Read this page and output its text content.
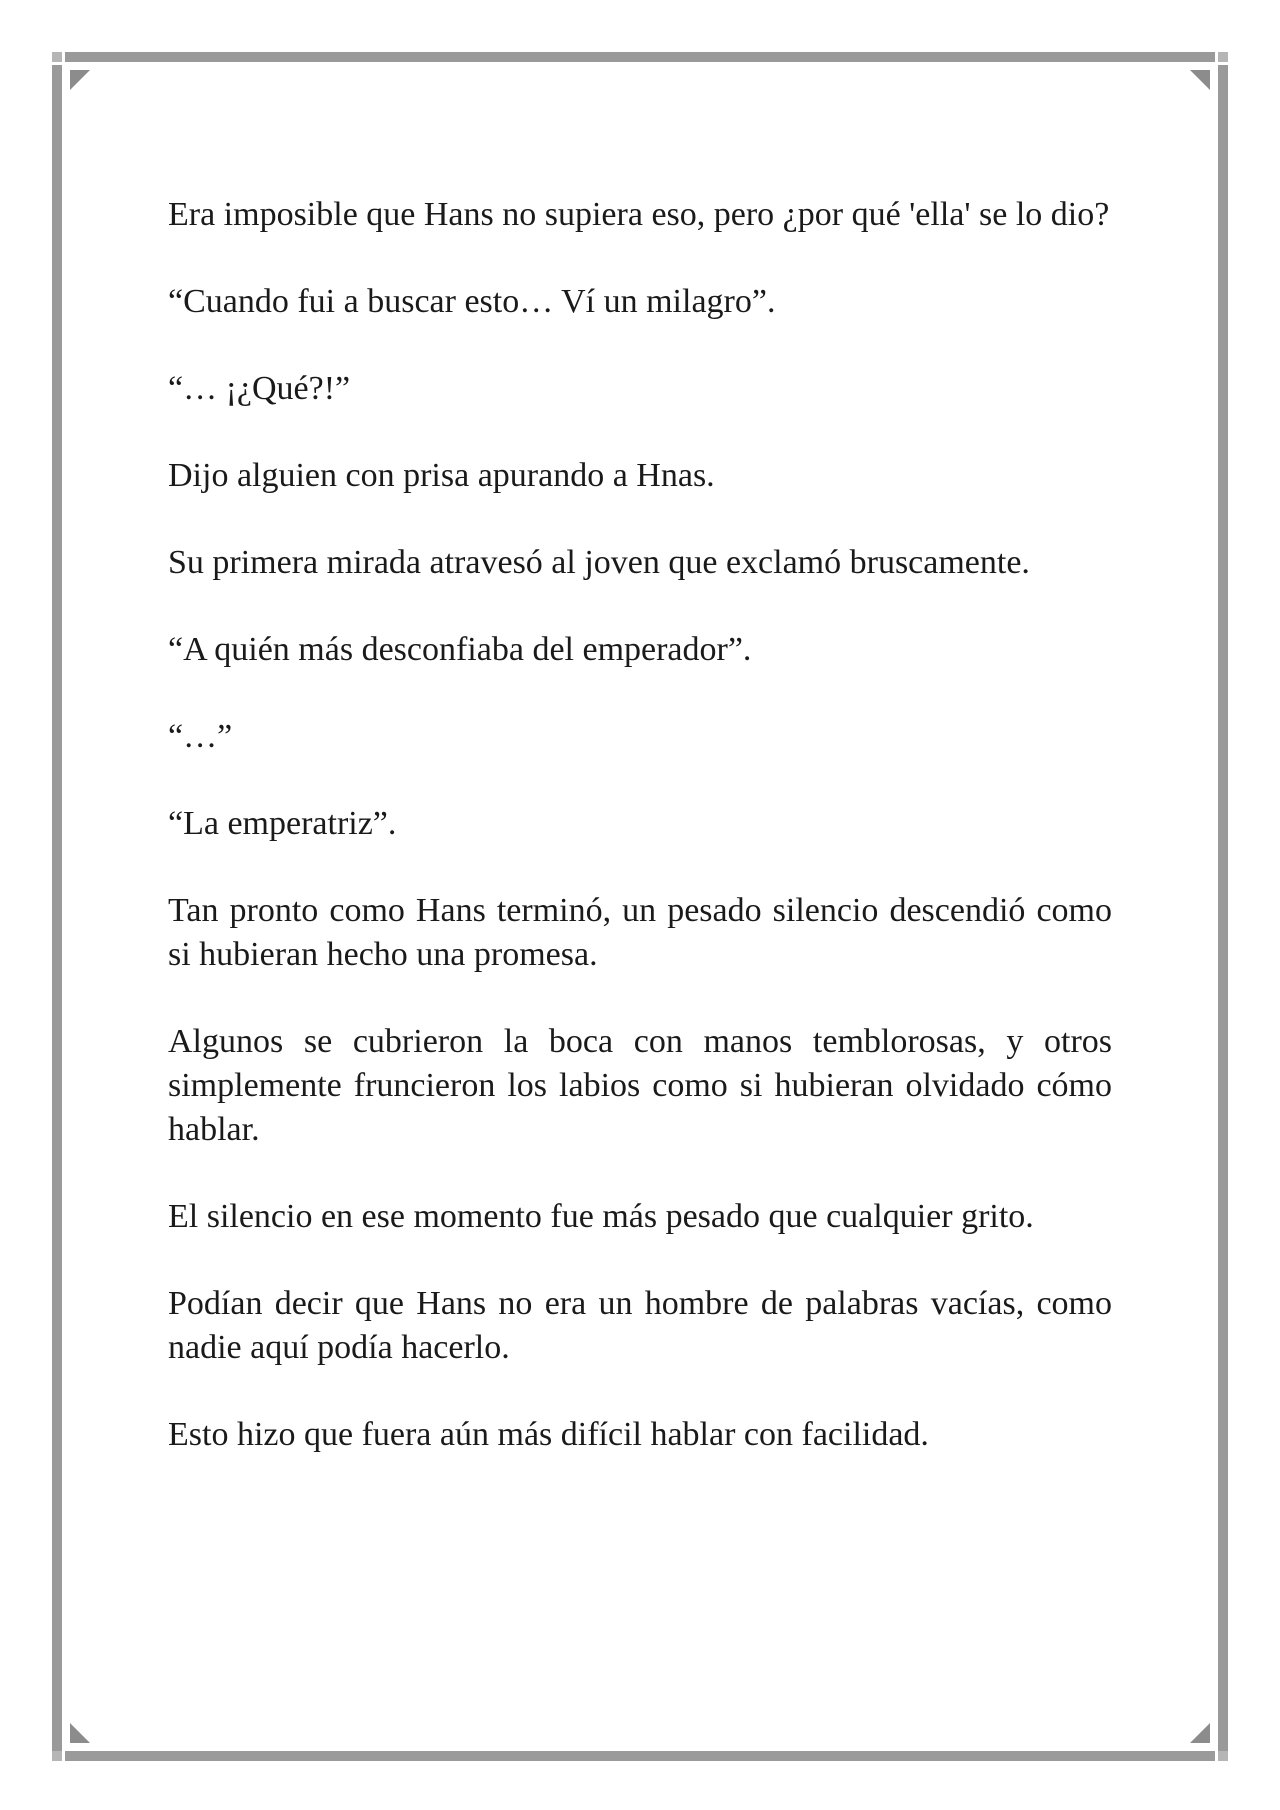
Era imposible que Hans no supiera eso, pero ¿por qué 'ella' se lo dio?

“Cuando fui a buscar esto… Ví un milagro”.

“… ¡¿Qué?!”

Dijo alguien con prisa apurando a Hnas.

Su primera mirada atravesó al joven que exclamó bruscamente.

“A quién más desconfiaba del emperador”.

“…”

“La emperatriz”.

Tan pronto como Hans terminó, un pesado silencio descendió como si hubieran hecho una promesa.

Algunos se cubrieron la boca con manos temblorosas, y otros simplemente fruncieron los labios como si hubieran olvidado cómo hablar.

El silencio en ese momento fue más pesado que cualquier grito.

Podían decir que Hans no era un hombre de palabras vacías, como nadie aquí podía hacerlo.

Esto hizo que fuera aún más difícil hablar con facilidad.
